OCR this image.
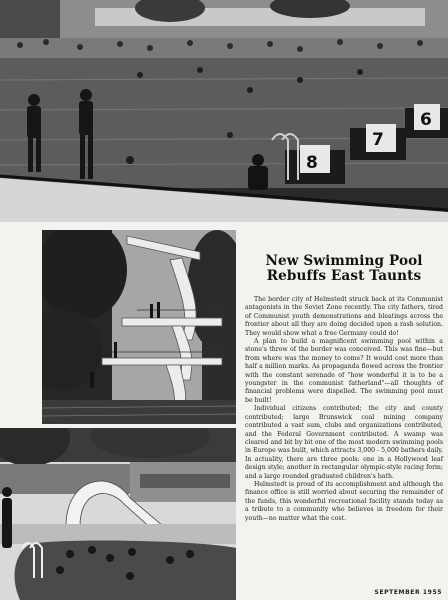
6
7
8
New Swimming Pool
Rebuffs East Taunts

The border city of Helmstedt struck back at its Communist antagonists in the Soviet Zone recently. The city fathers, tired of Communist youth demonstrations and bleatings across the frontier about all they are doing decided upon a rash solution. They would show what a free Germany could do!

A plan to build a magnificent swimming pool within a stone's throw of the border was conceived. This was fine—but from where was the money to come? It would cost more than half a million marks. As propaganda flowed across the frontier with the constant serenade of "how wonderful it is to be a youngster in the communist fatherland"—all thoughts of financial problems were dispelled. The swimming pool must be built!

Individual citizens contributed; the city and county contributed; large Brunswick coal mining company contributed a vast sum, clubs and organizations contributed, and the Federal Government contributed. A swamp was cleared and bit by bit one of the most modern swimming pools in Europe was built, which attracts 3,000 - 5,000 bathers daily. In actuality, there are three pools: one in a Hollywood leaf design style; another in rectangular olympic-style racing form; and a large rounded graduated children's bath.

Helmstedt is proud of its accomplishment and although the finance office is still worried about securing the remainder of the funds, this wonderful recreational facility stands today as a tribute to a community who believes in freedom for their youth—no matter what the cost.

SEPTEMBER 1955
